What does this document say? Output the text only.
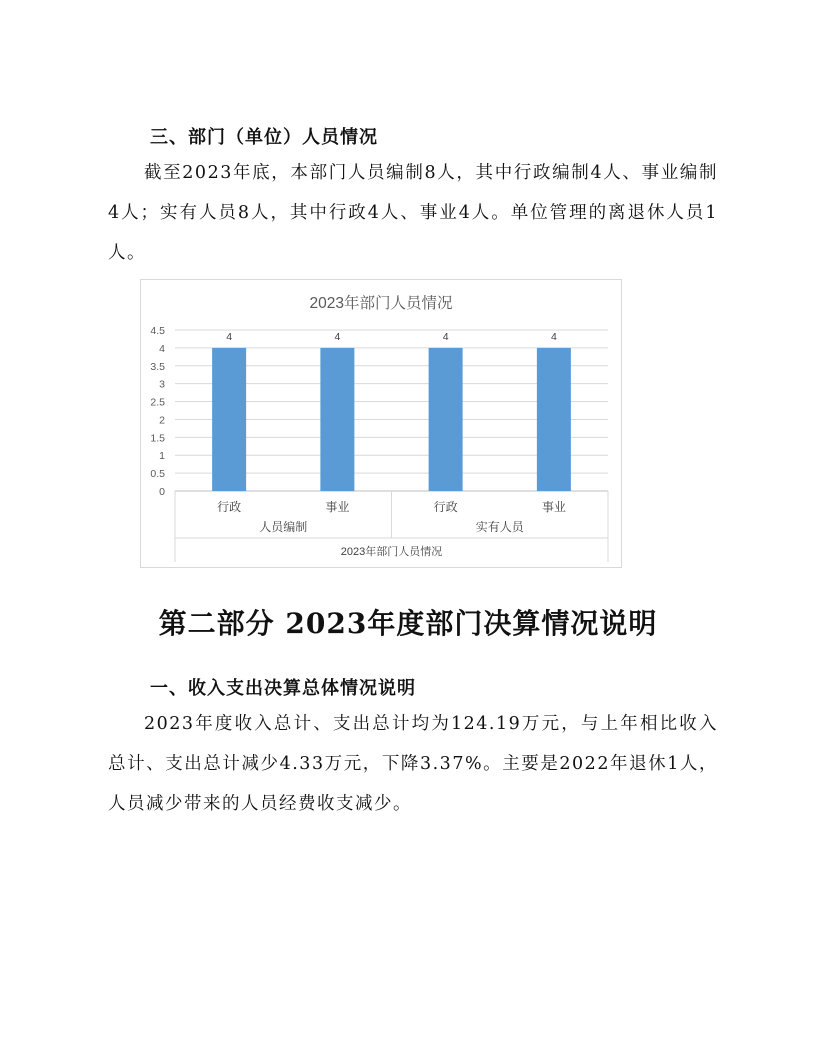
三、部门（单位）人员情况

截至2023年底，本部门人员编制8人，其中行政编制4人、事业编制4人；实有人员8人，其中行政4人、事业4人。单位管理的离退休人员1人。

2023年部门人员情况
0
0.5
1
1.5
2
2.5
3
3.5
4
4.5	4
行政
4
事业
4
行政
4
事业
人员编制	实有人员
2023年部门人员情况
第二部分 2023年度部门决算情况说明
一、收入支出决算总体情况说明

2023年度收入总计、支出总计均为124.19万元，与上年相比收入总计、支出总计减少4.33万元，下降3.37%。主要是2022年退休1人，人员减少带来的人员经费收支减少。
